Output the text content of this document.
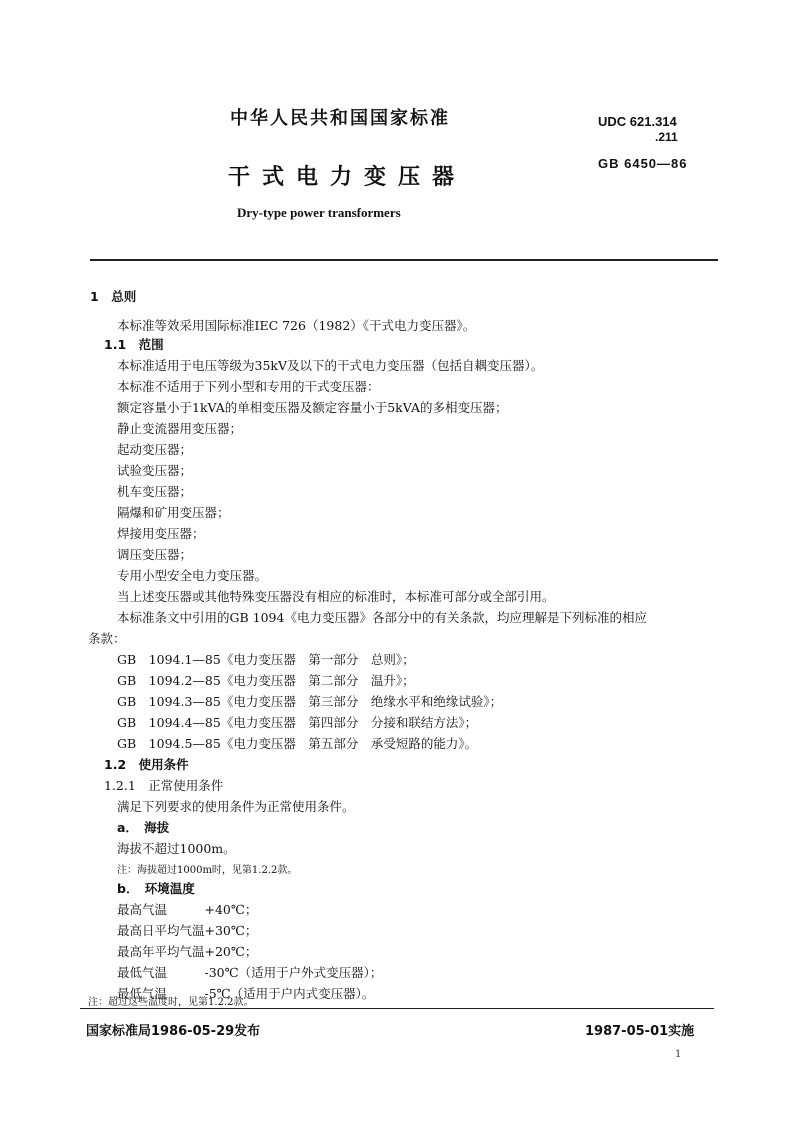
中华人民共和国国家标准	UDC 621.314
.211
GB 6450—86
干式电力变压器
Dry-type power transformers
1　总则
本标准等效采用国际标准IEC 726（1982）《干式电力变压器》。
1.1　范围
本标准适用于电压等级为35kV及以下的干式电力变压器（包括自耦变压器）。
本标准不适用于下列小型和专用的干式变压器：
额定容量小于1kVA的单相变压器及额定容量小于5kVA的多相变压器；
静止变流器用变压器；
起动变压器；
试验变压器；
机车变压器；
隔爆和矿用变压器；
焊接用变压器；
调压变压器；
专用小型安全电力变压器。
当上述变压器或其他特殊变压器没有相应的标准时，本标准可部分或全部引用。
本标准条文中引用的GB 1094《电力变压器》各部分中的有关条款，均应理解是下列标准的相应
条款：
GB　1094.1—85《电力变压器　第一部分　总则》；
GB　1094.2—85《电力变压器　第二部分　温升》；
GB　1094.3—85《电力变压器　第三部分　绝缘水平和绝缘试验》；
GB　1094.4—85《电力变压器　第四部分　分接和联结方法》；
GB　1094.5—85《电力变压器　第五部分　承受短路的能力》。
1.2　使用条件
1.2.1　正常使用条件
满足下列要求的使用条件为正常使用条件。
a．　海拔
海拔不超过1000m。
注：海拔超过1000m时，见第1.2.2款。
b．　环境温度
最高气温　　　+40℃；
最高日平均气温+30℃；
最高年平均气温+20℃；
最低气温　　　-30℃（适用于户外式变压器）；
最低气温　　　-5℃（适用于户内式变压器）。
注：超过这些温度时，见第1.2.2款。
国家标准局1986-05-29发布	1987-05-01实施
1
